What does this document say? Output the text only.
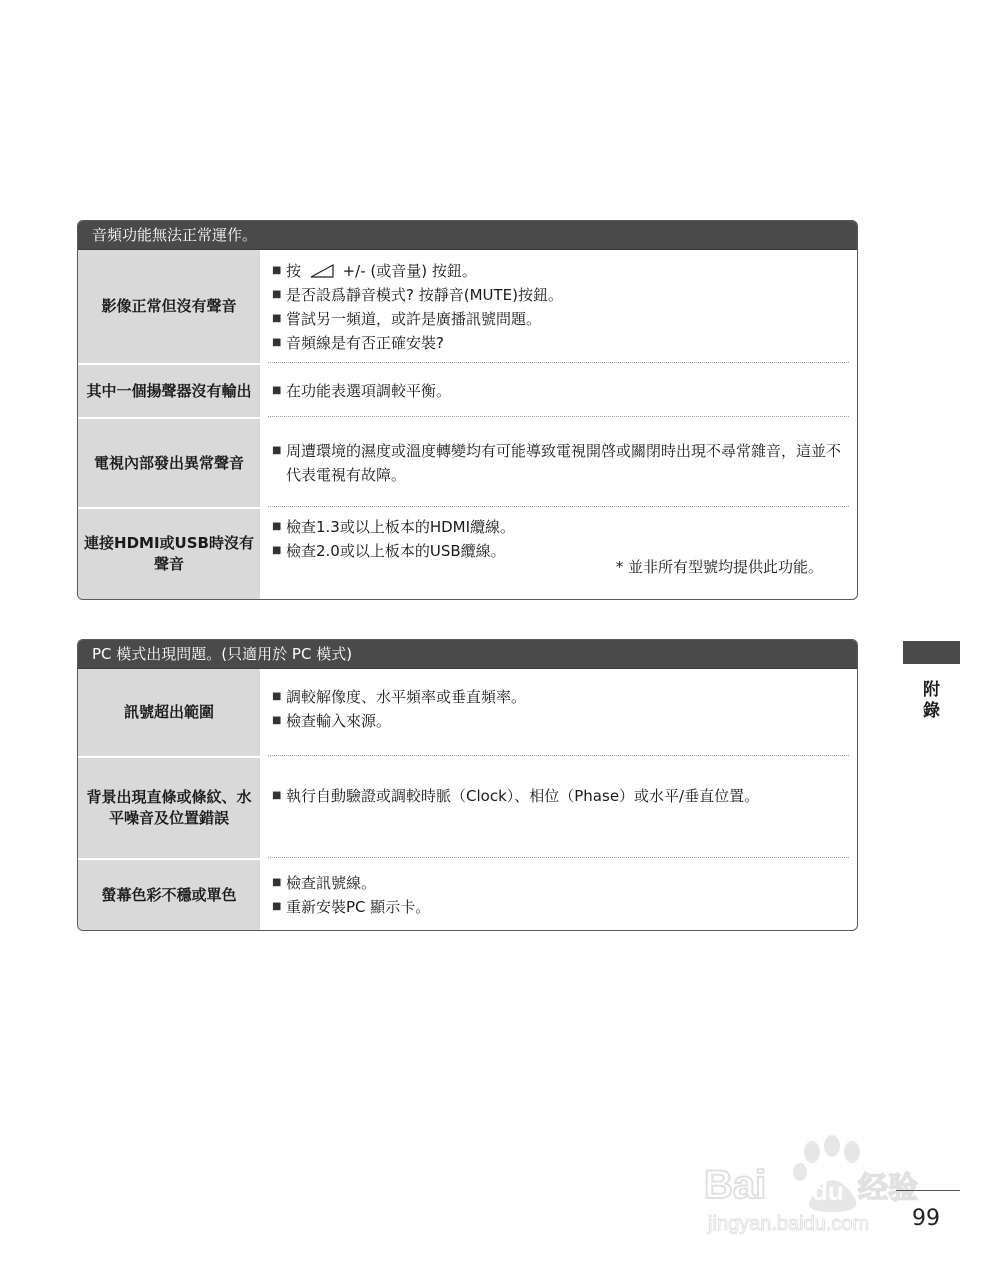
音頻功能無法正常運作。
影像正常但沒有聲音
■ 按	+/- (或音量) 按鈕。
■ 是否設爲靜音模式? 按靜音(MUTE)按鈕。
■ 嘗試另一頻道，或許是廣播訊號問題。
■ 音頻線是有否正確安裝?
其中一個揚聲器沒有輸出	■ 在功能表選項調較平衡。
電視內部發出異常聲音
■ 周遭環境的濕度或溫度轉變均有可能導致電視開啓或關閉時出現不尋常雜音，這並不代表電視有故障。
連接HDMI或USB時沒有聲音
■ 檢查1.3或以上板本的HDMI纜線。
■ 檢查2.0或以上板本的USB纜線。
* 並非所有型號均提供此功能。
PC 模式出現問題。(只適用於 PC 模式)
訊號超出範圍
■ 調較解像度、水平頻率或垂直頻率。
■ 檢查輸入來源。
背景出現直條或條紋、水平噪音及位置錯誤
■ 執行自動驗證或調較時脈（Clock）、相位（Phase）或水平/垂直位置。
螢幕色彩不穩或單色
■ 檢查訊號線。
■ 重新安裝PC 顯示卡。
附錄
Bai du 经验
jingyan.baidu.com	99
